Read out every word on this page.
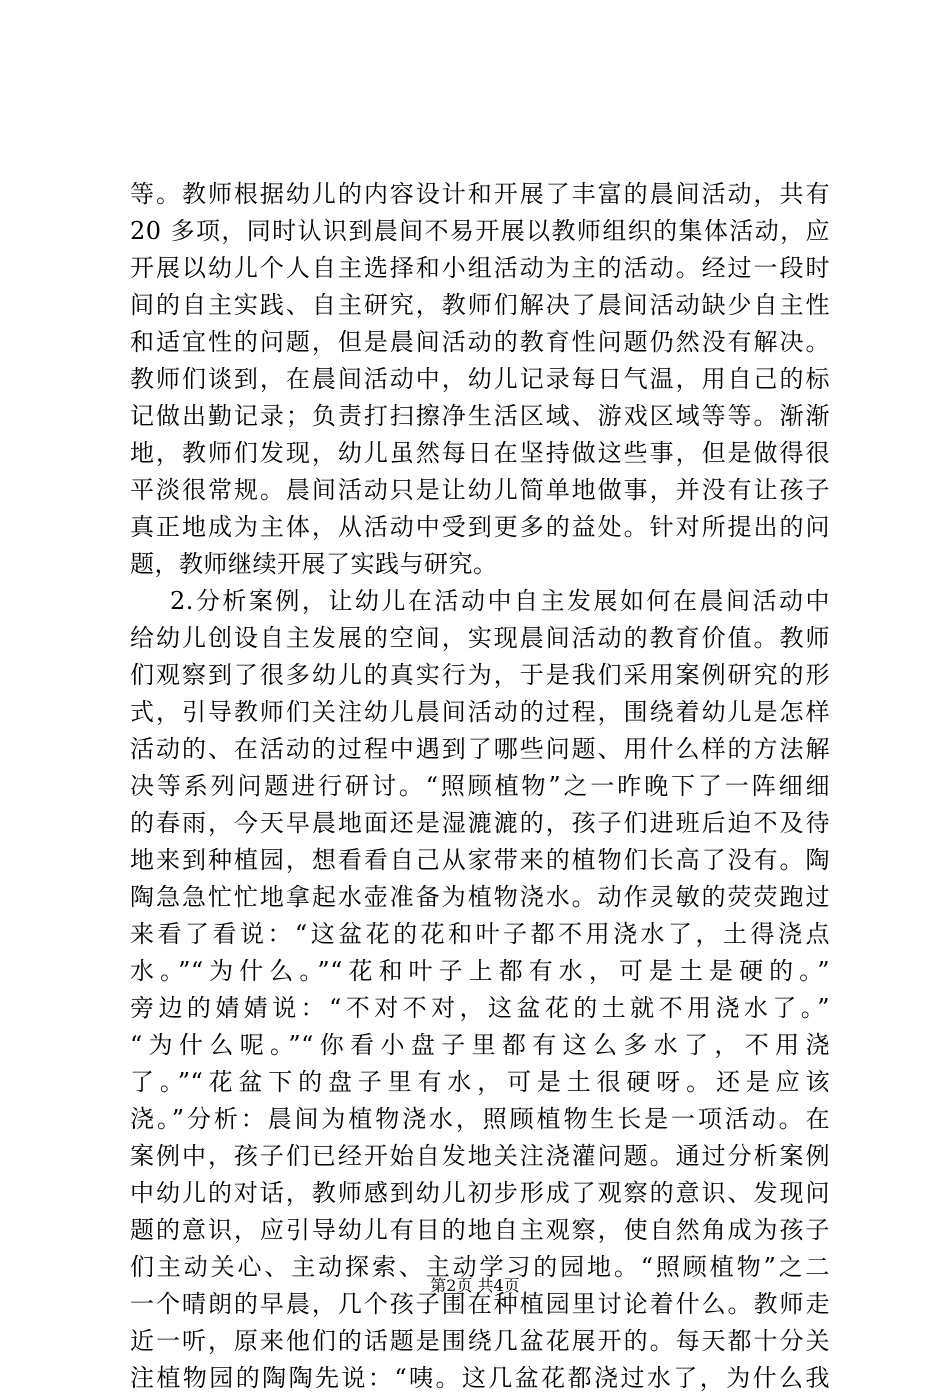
等。教师根据幼儿的内容设计和开展了丰富的晨间活动，共有
20 多项，同时认识到晨间不易开展以教师组织的集体活动，应
开展以幼儿个人自主选择和小组活动为主的活动。经过一段时
间的自主实践、自主研究，教师们解决了晨间活动缺少自主性
和适宜性的问题，但是晨间活动的教育性问题仍然没有解决。
教师们谈到，在晨间活动中，幼儿记录每日气温，用自己的标
记做出勤记录；负责打扫擦净生活区域、游戏区域等等。渐渐
地，教师们发现，幼儿虽然每日在坚持做这些事，但是做得很
平淡很常规。晨间活动只是让幼儿简单地做事，并没有让孩子
真正地成为主体，从活动中受到更多的益处。针对所提出的问
题，教师继续开展了实践与研究。
2.分析案例，让幼儿在活动中自主发展如何在晨间活动中
给幼儿创设自主发展的空间，实现晨间活动的教育价值。教师
们观察到了很多幼儿的真实行为，于是我们采用案例研究的形
式，引导教师们关注幼儿晨间活动的过程，围绕着幼儿是怎样
活动的、在活动的过程中遇到了哪些问题、用什么样的方法解
决等系列问题进行研讨。“照顾植物”之一昨晚下了一阵细细
的春雨，今天早晨地面还是湿漉漉的，孩子们进班后迫不及待
地来到种植园，想看看自己从家带来的植物们长高了没有。陶
陶急急忙忙地拿起水壶准备为植物浇水。动作灵敏的荧荧跑过
来看了看说：“这盆花的花和叶子都不用浇水了，土得浇点
水。”“为什么。”“花和叶子上都有水，可是土是硬的。”
旁边的婧婧说：“不对不对，这盆花的土就不用浇水了。”
“为什么呢。”“你看小盘子里都有这么多水了，不用浇
了。”“花盆下的盘子里有水，可是土很硬呀。还是应该
浇。”分析：晨间为植物浇水，照顾植物生长是一项活动。在
案例中，孩子们已经开始自发地关注浇灌问题。通过分析案例
中幼儿的对话，教师感到幼儿初步形成了观察的意识、发现问
题的意识，应引导幼儿有目的地自主观察，使自然角成为孩子
们主动关心、主动探索、主动学习的园地。“照顾植物”之二
一个晴朗的早晨，几个孩子围在种植园里讨论着什么。教师走
近一听，原来他们的话题是围绕几盆花展开的。每天都十分关
注植物园的陶陶先说：“咦。这几盆花都浇过水了，为什么我
第2页 共4页
